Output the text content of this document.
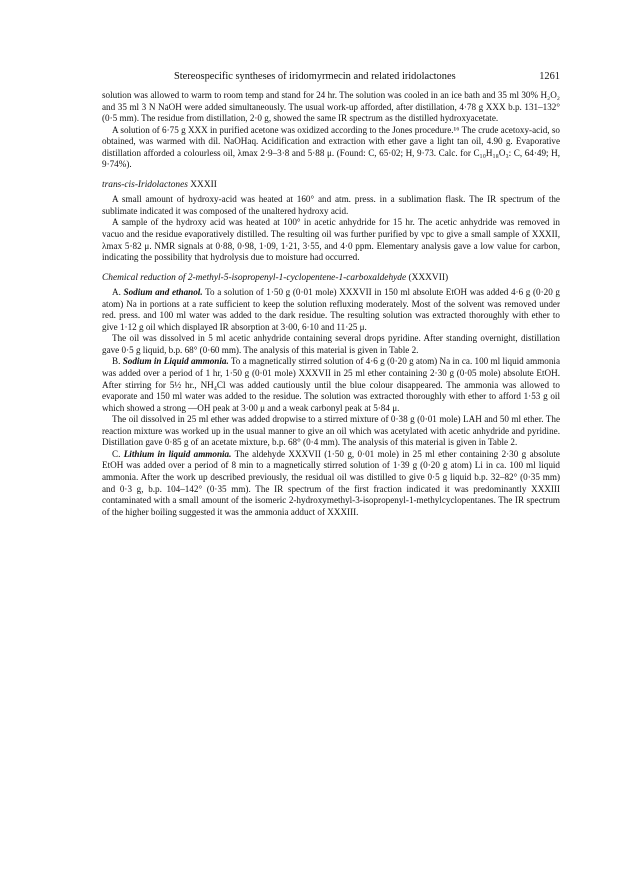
Stereospecific syntheses of iridomyrmecin and related iridolactones	1261

solution was allowed to warm to room temp and stand for 24 hr. The solution was cooled in an ice bath and 35 ml 30% H₂O₂ and 35 ml 3 N NaOH were added simultaneously. The usual work-up afforded, after distillation, 4·78 g XXX b.p. 131–132° (0·5 mm). The residue from distillation, 2·0 g, showed the same IR spectrum as the distilled hydroxyacetate.

A solution of 6·75 g XXX in purified acetone was oxidized according to the Jones procedure.¹⁶ The crude acetoxy-acid, so obtained, was warmed with dil. NaOHaq. Acidification and extraction with ether gave a light tan oil, 4.90 g. Evaporative distillation afforded a colourless oil, λmax 2·9–3·8 and 5·88 μ. (Found: C, 65·02; H, 9·73. Calc. for C₁₀H₁₈O₃: C, 64·49; H, 9·74%).

trans-cis-Iridolactones XXXII

A small amount of hydroxy-acid was heated at 160° and atm. press. in a sublimation flask. The IR spectrum of the sublimate indicated it was composed of the unaltered hydroxy acid.

A sample of the hydroxy acid was heated at 100° in acetic anhydride for 15 hr. The acetic anhydride was removed in vacuo and the residue evaporatively distilled. The resulting oil was further purified by vpc to give a small sample of XXXII, λmax 5·82 μ. NMR signals at 0·88, 0·98, 1·09, 1·21, 3·55, and 4·0 ppm. Elementary analysis gave a low value for carbon, indicating the possibility that hydrolysis due to moisture had occurred.

Chemical reduction of 2-methyl-5-isopropenyl-1-cyclopentene-1-carboxaldehyde (XXXVII)

A. Sodium and ethanol. To a solution of 1·50 g (0·01 mole) XXXVII in 150 ml absolute EtOH was added 4·6 g (0·20 g atom) Na in portions at a rate sufficient to keep the solution refluxing moderately. Most of the solvent was removed under red. press. and 100 ml water was added to the dark residue. The resulting solution was extracted thoroughly with ether to give 1·12 g oil which displayed IR absorption at 3·00, 6·10 and 11·25 μ.

The oil was dissolved in 5 ml acetic anhydride containing several drops pyridine. After standing overnight, distillation gave 0·5 g liquid, b.p. 68° (0·60 mm). The analysis of this material is given in Table 2.

B. Sodium in Liquid ammonia. To a magnetically stirred solution of 4·6 g (0·20 g atom) Na in ca. 100 ml liquid ammonia was added over a period of 1 hr, 1·50 g (0·01 mole) XXXVII in 25 ml ether containing 2·30 g (0·05 mole) absolute EtOH. After stirring for 5½ hr., NH₄Cl was added cautiously until the blue colour disappeared. The ammonia was allowed to evaporate and 150 ml water was added to the residue. The solution was extracted thoroughly with ether to afford 1·53 g oil which showed a strong —OH peak at 3·00 μ and a weak carbonyl peak at 5·84 μ.

The oil dissolved in 25 ml ether was added dropwise to a stirred mixture of 0·38 g (0·01 mole) LAH and 50 ml ether. The reaction mixture was worked up in the usual manner to give an oil which was acetylated with acetic anhydride and pyridine. Distillation gave 0·85 g of an acetate mixture, b.p. 68° (0·4 mm). The analysis of this material is given in Table 2.

C. Lithium in liquid ammonia. The aldehyde XXXVII (1·50 g, 0·01 mole) in 25 ml ether containing 2·30 g absolute EtOH was added over a period of 8 min to a magnetically stirred solution of 1·39 g (0·20 g atom) Li in ca. 100 ml liquid ammonia. After the work up described previously, the residual oil was distilled to give 0·5 g liquid b.p. 32–82° (0·35 mm) and 0·3 g, b.p. 104–142° (0·35 mm). The IR spectrum of the first fraction indicated it was predominantly XXXIII contaminated with a small amount of the isomeric 2-hydroxymethyl-3-isopropenyl-1-methylcyclopentanes. The IR spectrum of the higher boiling suggested it was the ammonia adduct of XXXIII.
